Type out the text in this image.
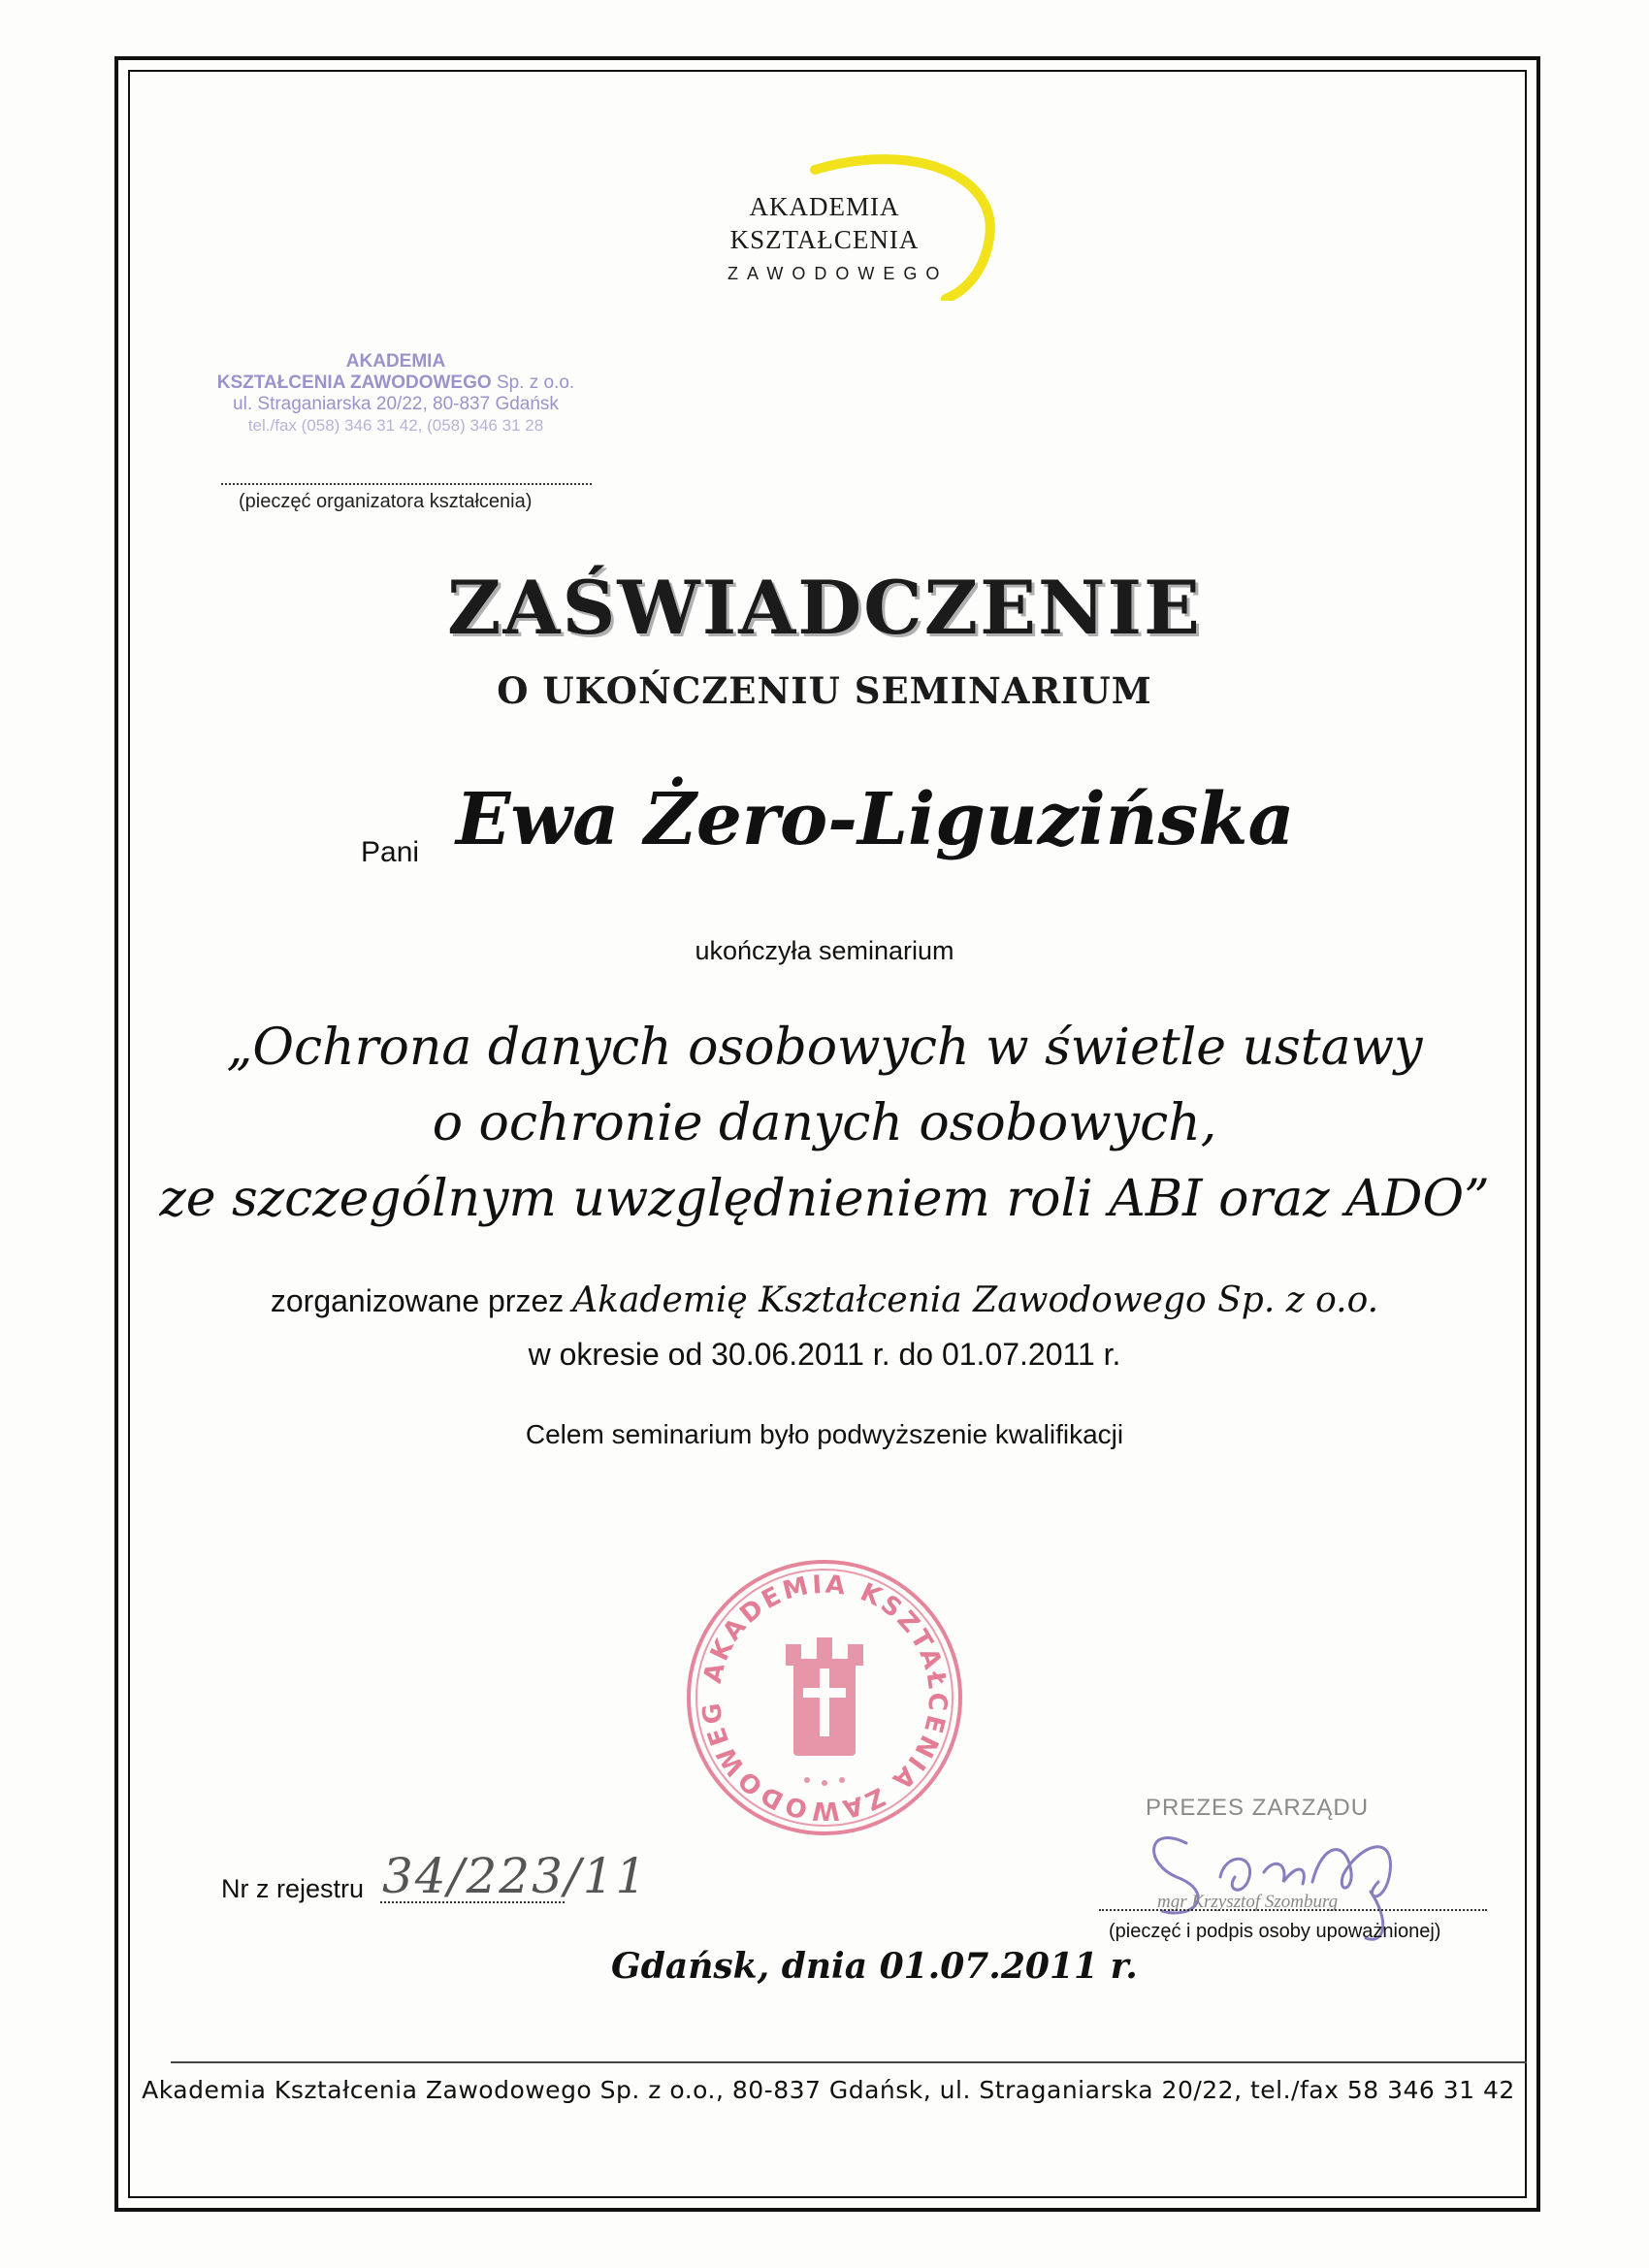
AKADEMIA
KSZTAŁCENIA
ZAWODOWEGO
AKADEMIA
KSZTAŁCENIA ZAWODOWEGO Sp. z o.o.
ul. Straganiarska 20/22, 80-837 Gdańsk
tel./fax (058) 346 31 42, (058) 346 31 28
(pieczęć organizatora kształcenia)
ZAŚWIADCZENIE
O UKOŃCZENIU SEMINARIUM
Pani Ewa Żero-Liguzińska
ukończyła seminarium
„Ochrona danych osobowych w świetle ustawy
o ochronie danych osobowych,
ze szczególnym uwzględnieniem roli ABI oraz ADO”
zorganizowane przez Akademię Kształcenia Zawodowego Sp. z o.o.
w okresie od 30.06.2011 r. do 01.07.2011 r.
Celem seminarium było podwyższenie kwalifikacji
AKADEMIA KSZTAŁCENIA ZAWODOWEG
Nr z rejestru 34/223/11
PREZES ZARZĄDU
mgr Krzysztof Szomburg
(pieczęć i podpis osoby upoważnionej)
Gdańsk, dnia 01.07.2011 r.
Akademia Kształcenia Zawodowego Sp. z o.o., 80-837 Gdańsk, ul. Straganiarska 20/22, tel./fax 58 346 31 42
